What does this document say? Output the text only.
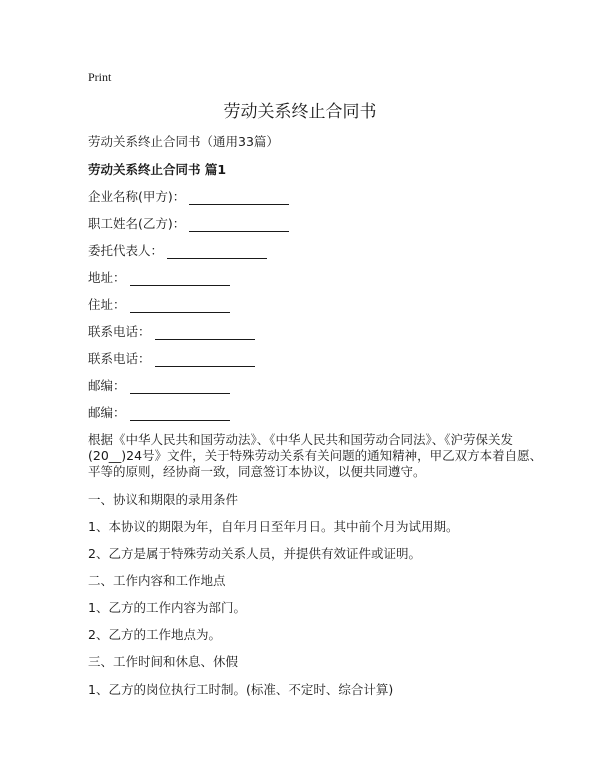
Print
劳动关系终止合同书
劳动关系终止合同书（通用33篇）
劳动关系终止合同书 篇1
企业名称(甲方)：
职工姓名(乙方)：
委托代表人：
地址：
住址：
联系电话：
联系电话：
邮编：
邮编：
根据《中华人民共和国劳动法》、《中华人民共和国劳动合同法》、《沪劳保关发
(20__)24号》文件，关于特殊劳动关系有关问题的通知精神，甲乙双方本着自愿、
平等的原则，经协商一致，同意签订本协议，以便共同遵守。
一、协议和期限的录用条件
1、本协议的期限为年，自年月日至年月日。其中前个月为试用期。
2、乙方是属于特殊劳动关系人员，并提供有效证件或证明。
二、工作内容和工作地点
1、乙方的工作内容为部门。
2、乙方的工作地点为。
三、工作时间和休息、休假
1、乙方的岗位执行工时制。(标准、不定时、综合计算)
